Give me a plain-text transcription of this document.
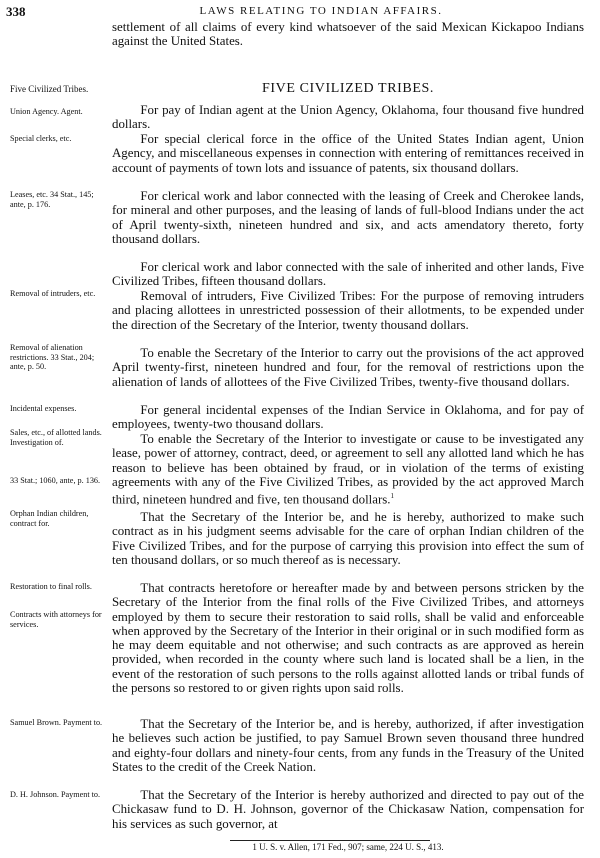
338	LAWS RELATING TO INDIAN AFFAIRS.
settlement of all claims of every kind whatsoever of the said Mexican Kickapoo Indians against the United States.
Five Civilized Tribes.	FIVE CIVILIZED TRIBES.

For pay of Indian agent at the Union Agency, Oklahoma, four thousand five hundred dollars.

For special clerical force in the office of the United States Indian agent, Union Agency, and miscellaneous expenses in connection with entering of remittances received in account of payments of town lots and issuance of patents, six thousand dollars.

For clerical work and labor connected with the leasing of Creek and Cherokee lands, for mineral and other purposes, and the leasing of lands of full-blood Indians under the act of April twenty-sixth, nineteen hundred and six, and acts amendatory thereto, forty thousand dollars.

For clerical work and labor connected with the sale of inherited and other lands, Five Civilized Tribes, fifteen thousand dollars.

Removal of intruders, Five Civilized Tribes: For the purpose of removing intruders and placing allottees in unrestricted possession of their allotments, to be expended under the direction of the Secretary of the Interior, twenty thousand dollars.

To enable the Secretary of the Interior to carry out the provisions of the act approved April twenty-first, nineteen hundred and four, for the removal of restrictions upon the alienation of lands of allottees of the Five Civilized Tribes, twenty-five thousand dollars.

For general incidental expenses of the Indian Service in Oklahoma, and for pay of employees, twenty-two thousand dollars.

To enable the Secretary of the Interior to investigate or cause to be investigated any lease, power of attorney, contract, deed, or agreement to sell any allotted land which he has reason to believe has been obtained by fraud, or in violation of the terms of existing agreements with any of the Five Civilized Tribes, as provided by the act approved March third, nineteen hundred and five, ten thousand dollars.$^1$

That the Secretary of the Interior be, and he is hereby, authorized to make such contract as in his judgment seems advisable for the care of orphan Indian children of the Five Civilized Tribes, and for the purpose of carrying this provision into effect the sum of ten thousand dollars, or so much thereof as is necessary.

That contracts heretofore or hereafter made by and between persons stricken by the Secretary of the Interior from the final rolls of the Five Civilized Tribes, and attorneys employed by them to secure their restoration to said rolls, shall be valid and enforceable when approved by the Secretary of the Interior in their original or in such modified form as he may deem equitable and not otherwise; and such contracts as are approved as herein provided, when recorded in the county where such land is located shall be a lien, in the event of the restoration of such persons to the rolls against allotted lands or tribal funds of the persons so restored to or given rights upon said rolls.

That the Secretary of the Interior be, and is hereby, authorized, if after investigation he believes such action be justified, to pay Samuel Brown seven thousand three hundred and eighty-four dollars and ninety-four cents, from any funds in the Treasury of the United States to the credit of the Creek Nation.

That the Secretary of the Interior is hereby authorized and directed to pay out of the Chickasaw fund to D. H. Johnson, governor of the Chickasaw Nation, compensation for his services as such governor, at

Union Agency. Agent.
Special clerks, etc.
Leases, etc. 34 Stat., 145; ante, p. 176.
Removal of intruders, etc.
Removal of alienation restrictions. 33 Stat., 204; ante, p. 50.
Incidental expenses.
Sales, etc., of allotted lands. Investigation of.
33 Stat.; 1060, ante, p. 136.
Orphan Indian children, contract for.
Restoration to final rolls.
Contracts with attorneys for services.
Samuel Brown. Payment to.
D. H. Johnson. Payment to.
1 U. S. v. Allen, 171 Fed., 907; same, 224 U. S., 413.
